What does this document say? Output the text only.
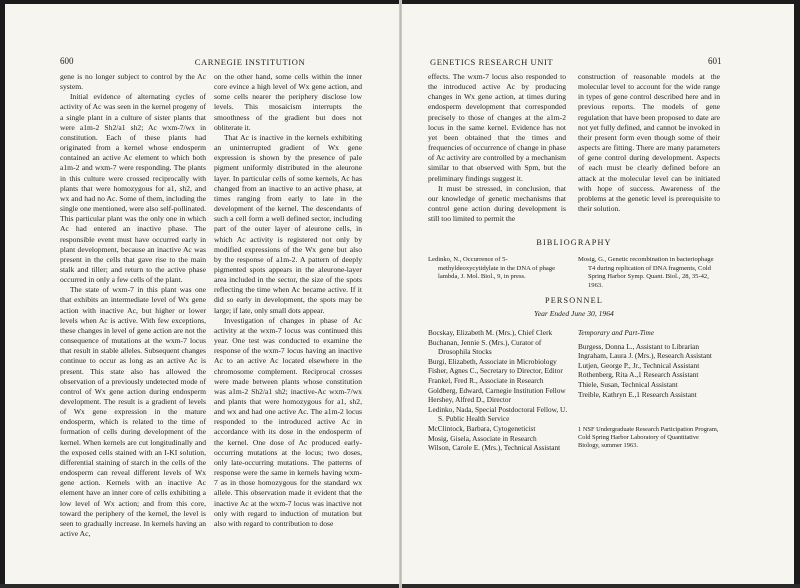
600	CARNEGIE INSTITUTION

gene is no longer subject to control by the Ac system.

Initial evidence of alternating cycles of activity of Ac was seen in the kernel progeny of a single plant in a culture of sister plants that were a1m-2 Sh2/a1 sh2; Ac wxm-7/wx in constitution. Each of these plants had originated from a kernel whose endosperm contained an active Ac element to which both a1m-2 and wxm-7 were responding. The plants in this culture were crossed reciprocally with plants that were homozygous for a1, sh2, and wx and had no Ac. Some of them, including the single one mentioned, were also self-pollinated. This particular plant was the only one in which Ac had entered an inactive phase. The responsible event must have occurred early in plant development, because an inactive Ac was present in the cells that gave rise to the main stalk and tiller; and return to the active phase occurred in only a few cells of the plant.

The state of wxm-7 in this plant was one that exhibits an intermediate level of Wx gene action with inactive Ac, but higher or lower levels when Ac is active. With few exceptions, these changes in level of gene action are not the consequence of mutations at the wxm-7 locus that result in stable alleles. Subsequent changes continue to occur as long as an active Ac is present. This state also has allowed the observation of a previously undetected mode of control of Wx gene action during endosperm development. The result is a gradient of levels of Wx gene expression in the mature endosperm, which is related to the time of formation of cells during development of the kernel. When kernels are cut longitudinally and the exposed cells stained with an I-KI solution, differential staining of starch in the cells of the endosperm can reveal different levels of Wx gene action. Kernels with an inactive Ac element have an inner core of cells exhibiting a low level of Wx action; and from this core, toward the periphery of the kernel, the level is seen to gradually increase. In kernels having an active Ac,

on the other hand, some cells within the inner core evince a high level of Wx gene action, and some cells nearer the periphery disclose low levels. This mosaicism interrupts the smoothness of the gradient but does not obliterate it.

That Ac is inactive in the kernels exhibiting an uninterrupted gradient of Wx gene expression is shown by the presence of pale pigment uniformly distributed in the aleurone layer. In particular cells of some kernels, Ac has changed from an inactive to an active phase, at times ranging from early to late in the development of the kernel. The descendants of such a cell form a well defined sector, including part of the outer layer of aleurone cells, in which Ac activity is registered not only by modified expressions of the Wx gene but also by the response of a1m-2. A pattern of deeply pigmented spots appears in the aleurone-layer area included in the sector, the size of the spots reflecting the time when Ac became active. If it did so early in development, the spots may be large; if late, only small dots appear.

Investigation of changes in phase of Ac activity at the wxm-7 locus was continued this year. One test was conducted to examine the response of the wxm-7 locus having an inactive Ac to an active Ac located elsewhere in the chromosome complement. Reciprocal crosses were made between plants whose constitution was a1m-2 Sh2/a1 sh2; inactive-Ac wxm-7/wx and plants that were homozygous for a1, sh2, and wx and had one active Ac. The a1m-2 locus responded to the introduced active Ac in accordance with its dose in the endosperm of the kernel. One dose of Ac produced early-occurring mutations at the locus; two doses, only late-occurring mutations. The patterns of response were the same in kernels having wxm-7 as in those homozygous for the standard wx allele. This observation made it evident that the inactive Ac at the wxm-7 locus was inactive not only with regard to induction of mutation but also with regard to contribution to dose

GENETICS RESEARCH UNIT	601

effects. The wxm-7 locus also responded to the introduced active Ac by producing changes in Wx gene action, at times during endosperm development that corresponded precisely to those of changes at the a1m-2 locus in the same kernel. Evidence has not yet been obtained that the times and frequencies of occurrence of change in phase of Ac activity are controlled by a mechanism similar to that observed with Spm, but the preliminary findings suggest it.

It must be stressed, in conclusion, that our knowledge of genetic mechanisms that control gene action during development is still too limited to permit the

construction of reasonable models at the molecular level to account for the wide range in types of gene control described here and in previous reports. The models of gene regulation that have been proposed to date are not yet fully defined, and cannot be invoked in their present form even though some of their aspects are fitting. There are many parameters of gene control during development. Aspects of each must be clearly defined before an attack at the molecular level can be initiated with hope of success. Awareness of the problems at the genetic level is prerequisite to their solution.

BIBLIOGRAPHY
Ledinko, N., Occurrence of 5-methyldeoxycytidylate in the DNA of phage lambda, J. Mol. Biol., 9, in press.
Mosig, G., Genetic recombination in bacteriophage T4 during replication of DNA fragments, Cold Spring Harbor Symp. Quant. Biol., 28, 35-42, 1963.
PERSONNEL
Year Ended June 30, 1964
Bocskay, Elizabeth M. (Mrs.), Chief Clerk
Buchanan, Jennie S. (Mrs.), Curator of Drosophila Stocks
Burgi, Elizabeth, Associate in Microbiology
Fisher, Agnes C., Secretary to Director, Editor
Frankel, Fred R., Associate in Research
Goldberg, Edward, Carnegie Institution Fellow
Hershey, Alfred D., Director
Ledinko, Nada, Special Postdoctoral Fellow, U. S. Public Health Service
McClintock, Barbara, Cytogeneticist
Mosig, Gisela, Associate in Research
Wilson, Carole E. (Mrs.), Technical Assistant
Temporary and Part-Time
Burgess, Donna L., Assistant to Librarian
Ingraham, Laura J. (Mrs.), Research Assistant
Lutjen, George P., Jr., Technical Assistant
Rothenberg, Rita A.,1 Research Assistant
Thiele, Susan, Technical Assistant
Treible, Kathryn E.,1 Research Assistant
1 NSF Undergraduate Research Participation Program, Cold Spring Harbor Laboratory of Quantitative Biology, summer 1963.
